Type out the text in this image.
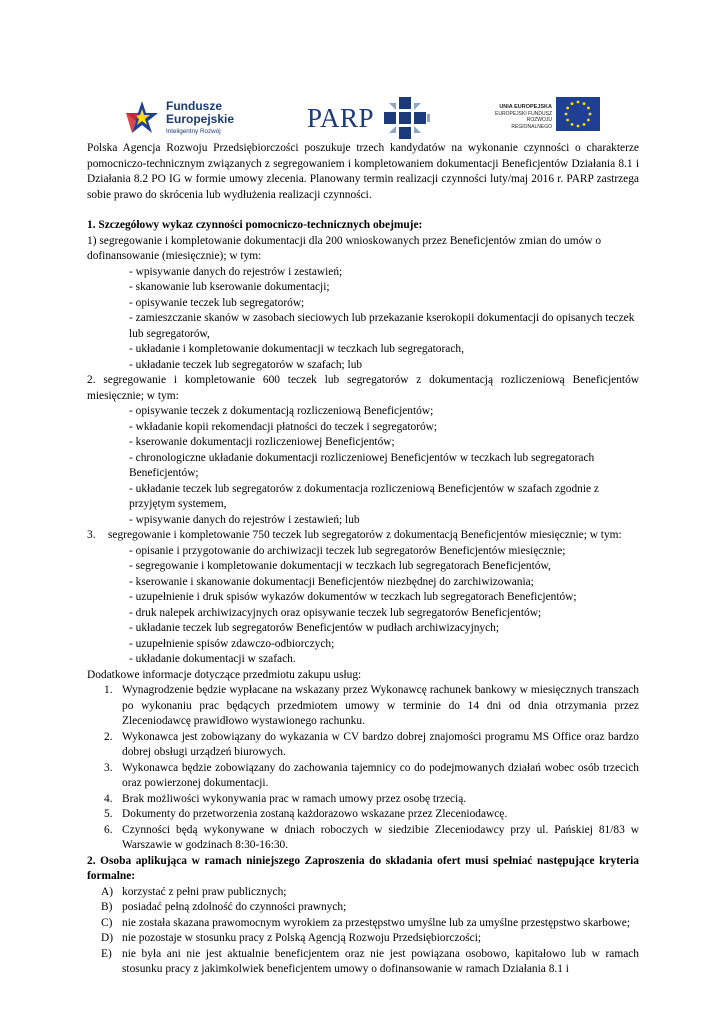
Fundusze
Europejskie
Inteligentny Rozwój	PARP	UNIA EUROPEJSKA
EUROPEJSKI FUNDUSZ
ROZWOJU REGIONALNEGO

Polska Agencja Rozwoju Przedsiębiorczości poszukuje trzech kandydatów na wykonanie czynności o charakterze pomocniczo-technicznym związanych z segregowaniem i kompletowaniem dokumentacji Beneficjentów Działania 8.1 i Działania 8.2 PO IG w formie umowy zlecenia. Planowany termin realizacji czynności luty/maj 2016 r. PARP zastrzega sobie prawo do skrócenia lub wydłużenia realizacji czynności.

1. Szczegółowy wykaz czynności pomocniczo-technicznych obejmuje:

1) segregowanie i kompletowanie dokumentacji dla 200 wnioskowanych przez Beneficjentów zmian do umów o dofinansowanie (miesięcznie); w tym:
- wpisywanie danych do rejestrów i zestawień;
- skanowanie lub kserowanie dokumentacji;
- opisywanie teczek lub segregatorów;
- zamieszczanie skanów w zasobach sieciowych lub przekazanie kserokopii dokumentacji do opisanych teczek lub segregatorów,
- układanie i kompletowanie dokumentacji w teczkach lub segregatorach,
- układanie teczek lub segregatorów w szafach; lub
2. segregowanie i kompletowanie 600 teczek lub segregatorów z dokumentacją rozliczeniową Beneficjentów miesięcznie; w tym:
- opisywanie teczek z dokumentacją rozliczeniową Beneficjentów;
- wkładanie kopii rekomendacji płatności do teczek i segregatorów;
- kserowanie dokumentacji rozliczeniowej Beneficjentów;
- chronologiczne układanie dokumentacji rozliczeniowej Beneficjentów w teczkach lub segregatorach Beneficjentów;
- układanie teczek lub segregatorów z dokumentacja rozliczeniową Beneficjentów w szafach zgodnie z przyjętym systemem,
- wpisywanie danych do rejestrów i zestawień; lub
3. segregowanie i kompletowanie 750 teczek lub segregatorów z dokumentacją Beneficjentów miesięcznie; w tym:
- opisanie i przygotowanie do archiwizacji teczek lub segregatorów Beneficjentów miesięcznie;
- segregowanie i kompletowanie dokumentacji w teczkach lub segregatorach Beneficjentów,
- kserowanie i skanowanie dokumentacji Beneficjentów niezbędnej do zarchiwizowania;
- uzupełnienie i druk spisów wykazów dokumentów w teczkach lub segregatorach Beneficjentów;
- druk nalepek archiwizacyjnych oraz opisywanie teczek lub segregatorów Beneficjentów;
- układanie teczek lub segregatorów Beneficjentów w pudłach archiwizacyjnych;
- uzupełnienie spisów zdawczo-odbiorczych;
- układanie dokumentacji w szafach.

Dodatkowe informacje dotyczące przedmiotu zakupu usług:

1. Wynagrodzenie będzie wypłacane na wskazany przez Wykonawcę rachunek bankowy w miesięcznych transzach po wykonaniu prac będących przedmiotem umowy w terminie do 14 dni od dnia otrzymania przez Zleceniodawcę prawidłowo wystawionego rachunku.
2. Wykonawca jest zobowiązany do wykazania w CV bardzo dobrej znajomości programu MS Office oraz bardzo dobrej obsługi urządzeń biurowych.
3. Wykonawca będzie zobowiązany do zachowania tajemnicy co do podejmowanych działań wobec osób trzecich oraz powierzonej dokumentacji.
4. Brak możliwości wykonywania prac w ramach umowy przez osobę trzecią.
5. Dokumenty do przetworzenia zostaną każdorazowo wskazane przez Zleceniodawcę.
6. Czynności będą wykonywane w dniach roboczych w siedzibie Zleceniodawcy przy ul. Pańskiej 81/83 w Warszawie w godzinach 8:30-16:30.

2. Osoba aplikująca w ramach niniejszego Zaproszenia do składania ofert musi spełniać następujące kryteria formalne:

A) korzystać z pełni praw publicznych;
B) posiadać pełną zdolność do czynności prawnych;
C) nie została skazana prawomocnym wyrokiem za przestępstwo umyślne lub za umyślne przestępstwo skarbowe;
D) nie pozostaje w stosunku pracy z Polską Agencją Rozwoju Przedsiębiorczości;
E) nie była ani nie jest aktualnie beneficjentem oraz nie jest powiązana osobowo, kapitałowo lub w ramach stosunku pracy z jakimkolwiek beneficjentem umowy o dofinansowanie w ramach Działania 8.1 i
